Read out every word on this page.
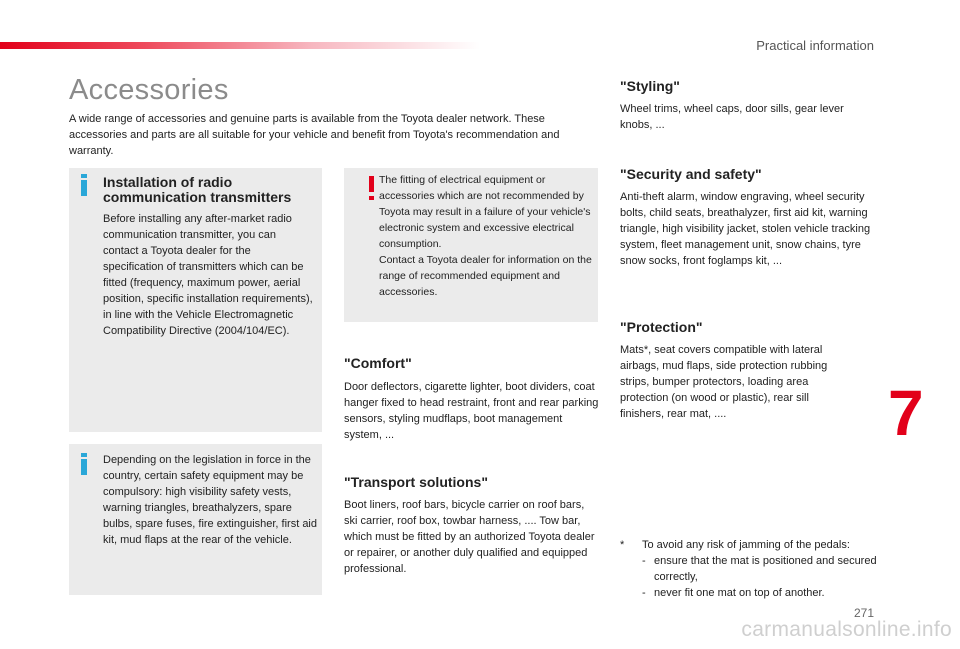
Practical information
Accessories
A wide range of accessories and genuine parts is available from the Toyota dealer network. These accessories and parts are all suitable for your vehicle and benefit from Toyota's recommendation and warranty.
Installation of radio communication transmitters
Before installing any after-market radio communication transmitter, you can contact a Toyota dealer for the specification of transmitters which can be fitted (frequency, maximum power, aerial position, specific installation requirements), in line with the Vehicle Electromagnetic Compatibility Directive (2004/104/EC).
Depending on the legislation in force in the country, certain safety equipment may be compulsory: high visibility safety vests, warning triangles, breathalyzers, spare bulbs, spare fuses, fire extinguisher, first aid kit, mud flaps at the rear of the vehicle.
The fitting of electrical equipment or accessories which are not recommended by Toyota may result in a failure of your vehicle's electronic system and excessive electrical consumption.
Contact a Toyota dealer for information on the range of recommended equipment and accessories.
"Comfort"
Door deflectors, cigarette lighter, boot dividers, coat hanger fixed to head restraint, front and rear parking sensors, styling mudflaps, boot management system, ...
"Transport solutions"
Boot liners, roof bars, bicycle carrier on roof bars, ski carrier, roof box, towbar harness, .... Tow bar, which must be fitted by an authorized Toyota dealer or repairer, or another duly qualified and equipped professional.
"Styling"
Wheel trims, wheel caps, door sills, gear lever knobs, ...
"Security and safety"
Anti-theft alarm, window engraving, wheel security bolts, child seats, breathalyzer, first aid kit, warning triangle, high visibility jacket, stolen vehicle tracking system, fleet management unit, snow chains, tyre snow socks, front foglamps kit, ...
"Protection"
Mats*, seat covers compatible with lateral airbags, mud flaps, side protection rubbing strips, bumper protectors, loading area protection (on wood or plastic), rear sill finishers, rear mat, ....	7
* To avoid any risk of jamming of the pedals:
- ensure that the mat is positioned and secured correctly,
- never fit one mat on top of another.
271
carmanualsonline.info
